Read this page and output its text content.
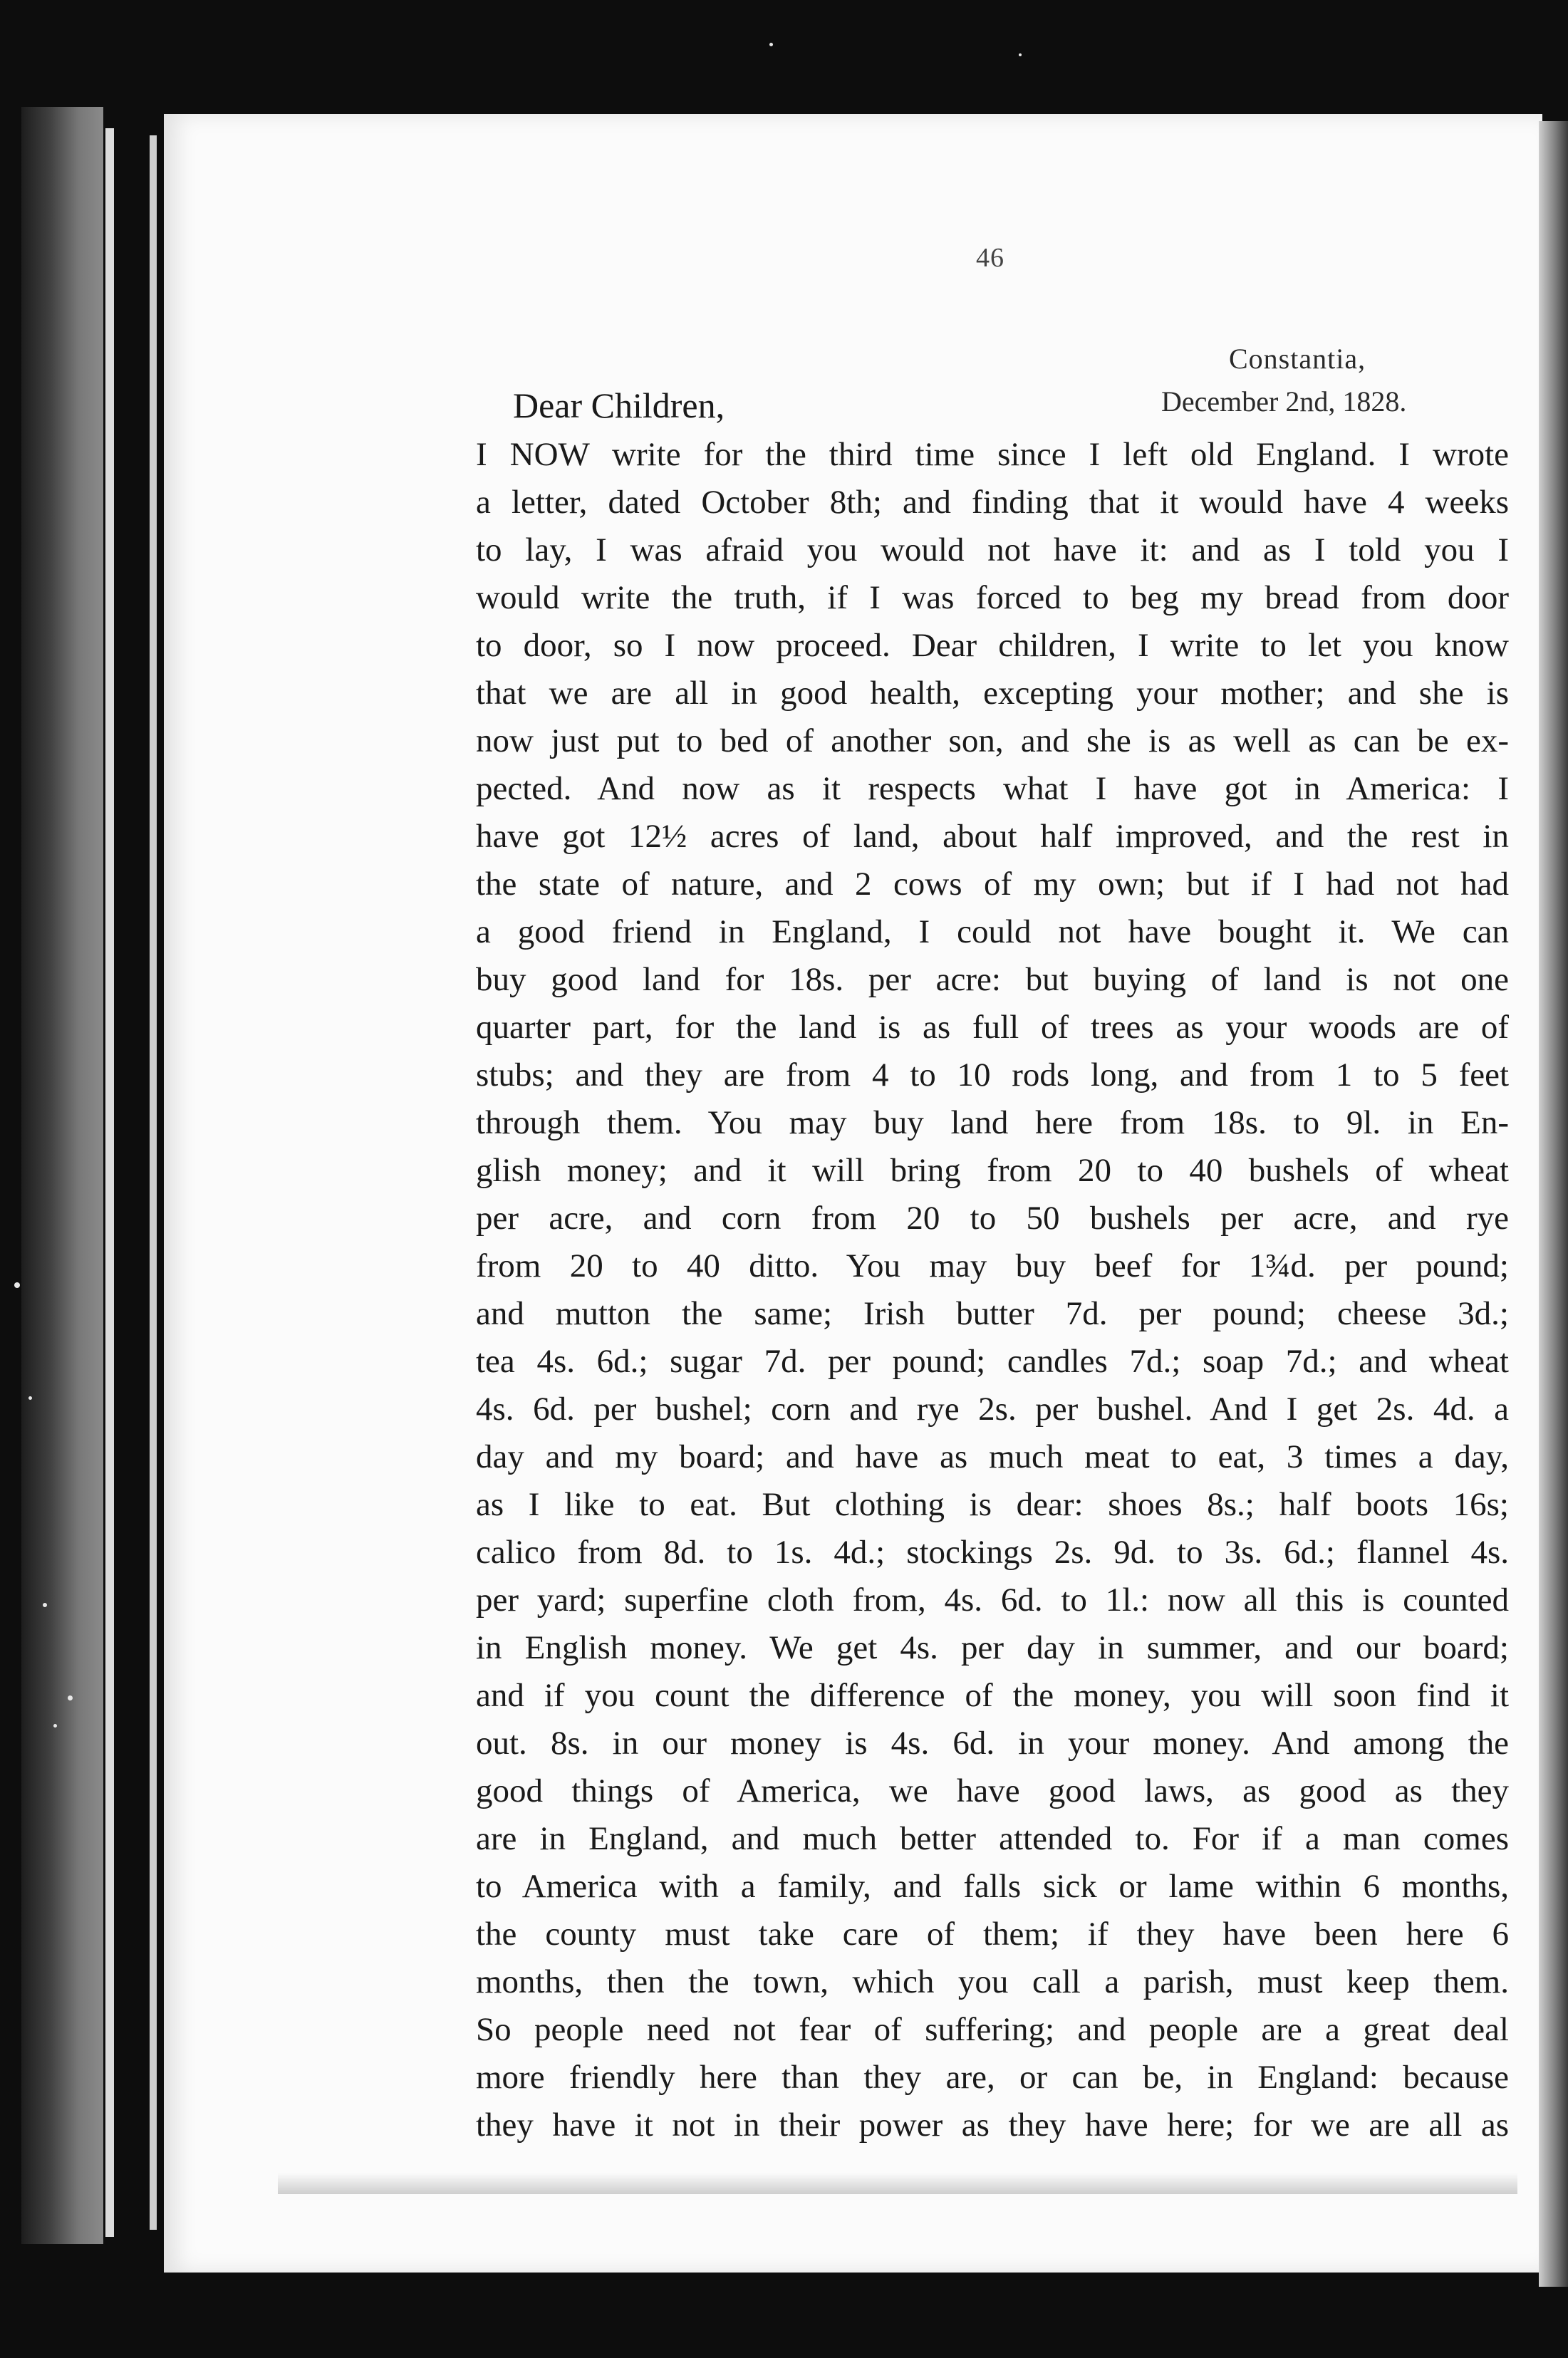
46
Constantia,
December 2nd, 1828.
Dear Children,
I NOW write for the third time since I left old England. I wrote
a letter, dated October 8th; and finding that it would have 4 weeks
to lay, I was afraid you would not have it: and as I told you I
would write the truth, if I was forced to beg my bread from door
to door, so I now proceed. Dear children, I write to let you know
that we are all in good health, excepting your mother; and she is
now just put to bed of another son, and she is as well as can be ex-
pected. And now as it respects what I have got in America: I
have got 12½ acres of land, about half improved, and the rest in
the state of nature, and 2 cows of my own; but if I had not had
a good friend in England, I could not have bought it. We can
buy good land for 18s. per acre: but buying of land is not one
quarter part, for the land is as full of trees as your woods are of
stubs; and they are from 4 to 10 rods long, and from 1 to 5 feet
through them. You may buy land here from 18s. to 9l. in En-
glish money; and it will bring from 20 to 40 bushels of wheat
per acre, and corn from 20 to 50 bushels per acre, and rye
from 20 to 40 ditto. You may buy beef for 1¾d. per pound;
and mutton the same; Irish butter 7d. per pound; cheese 3d.;
tea 4s. 6d.; sugar 7d. per pound; candles 7d.; soap 7d.; and wheat
4s. 6d. per bushel; corn and rye 2s. per bushel. And I get 2s. 4d. a
day and my board; and have as much meat to eat, 3 times a day,
as I like to eat. But clothing is dear: shoes 8s.; half boots 16s;
calico from 8d. to 1s. 4d.; stockings 2s. 9d. to 3s. 6d.; flannel 4s.
per yard; superfine cloth from, 4s. 6d. to 1l.: now all this is counted
in English money. We get 4s. per day in summer, and our board;
and if you count the difference of the money, you will soon find it
out. 8s. in our money is 4s. 6d. in your money. And among the
good things of America, we have good laws, as good as they
are in England, and much better attended to. For if a man comes
to America with a family, and falls sick or lame within 6 months,
the county must take care of them; if they have been here 6
months, then the town, which you call a parish, must keep them.
So people need not fear of suffering; and people are a great deal
more friendly here than they are, or can be, in England: because
they have it not in their power as they have here; for we are all as
